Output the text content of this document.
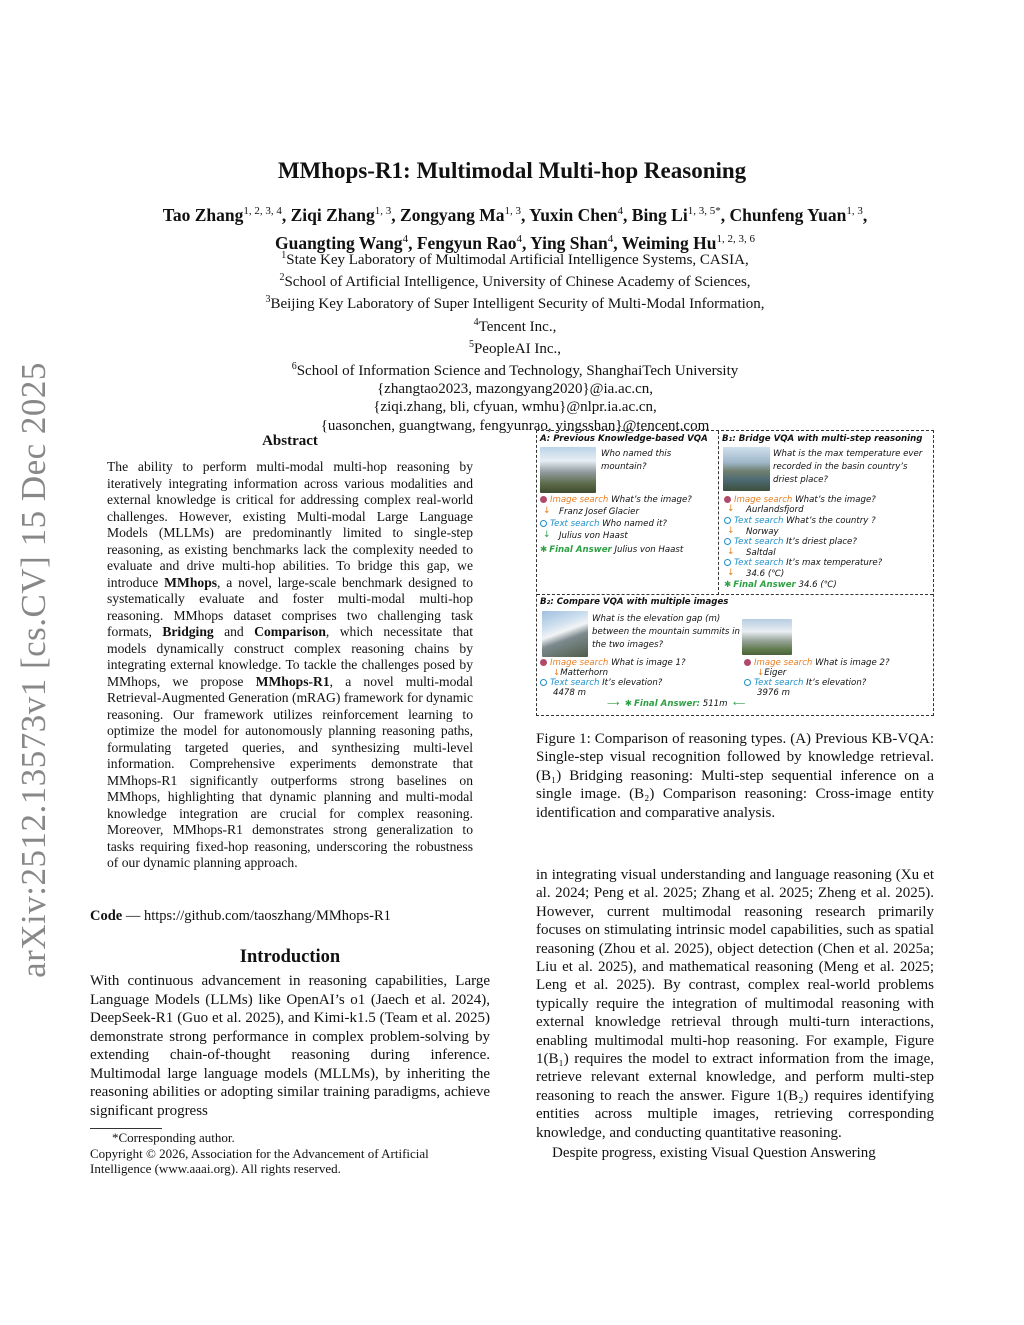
arXiv:2512.13573v1 [cs.CV] 15 Dec 2025
MMhops-R1: Multimodal Multi-hop Reasoning
Tao Zhang$^{1, 2, 3, 4}$, Ziqi Zhang$^{1, 3}$, Zongyang Ma$^{1, 3}$, Yuxin Chen$^4$, Bing $Li^{1, 3, 5*}$, Chunfeng Yuan$^{1, 3}$,
Guangting Wang$^4$, Fengyun Rao$^4$, Ying Shan$^4$, Weiming Hu$^{1, 2, 3, 6}$
$^1$State Key Laboratory of Multimodal Artificial Intelligence Systems, CASIA,
$^2$School of Artificial Intelligence, University of Chinese Academy of Sciences,
$^3$Beijing Key Laboratory of Super Intelligent Security of Multi-Modal Information,
$^4$Tencent Inc.,
$^5$PeopleAI Inc.,
$^6$School of Information Science and Technology, ShanghaiTech University
{zhangtao2023, mazongyang2020}@ia.ac.cn,
{ziqi.zhang, bli, cfyuan, wmhu}@nlpr.ia.ac.cn,
{uasonchen, guangtwang, fengyunrao, yingsshan}@tencent.com
Abstract
The ability to perform multi-modal multi-hop reasoning by iteratively integrating information across various modalities and external knowledge is critical for addressing complex real-world challenges. However, existing Multi-modal Large Language Models (MLLMs) are predominantly limited to single-step reasoning, as existing benchmarks lack the complexity needed to evaluate and drive multi-hop abilities. To bridge this gap, we introduce MMhops, a novel, large-scale benchmark designed to systematically evaluate and foster multi-modal multi-hop reasoning. MMhops dataset comprises two challenging task formats, Bridging and Comparison, which necessitate that models dynamically construct complex reasoning chains by integrating external knowledge. To tackle the challenges posed by MMhops, we propose MMhops-R1, a novel multi-modal Retrieval-Augmented Generation (mRAG) framework for dynamic reasoning. Our framework utilizes reinforcement learning to optimize the model for autonomously planning reasoning paths, formulating targeted queries, and synthesizing multi-level information. Comprehensive experiments demonstrate that MMhops-R1 significantly outperforms strong baselines on MMhops, highlighting that dynamic planning and multi-modal knowledge integration are crucial for complex reasoning. Moreover, MMhops-R1 demonstrates strong generalization to tasks requiring fixed-hop reasoning, underscoring the robustness of our dynamic planning approach.
Code — https://github.com/taoszhang/MMhops-R1
Introduction
With continuous advancement in reasoning capabilities, Large Language Models (LLMs) like OpenAI’s o1 (Jaech et al. 2024), DeepSeek-R1 (Guo et al. 2025), and Kimi-k1.5 (Team et al. 2025) demonstrate strong performance in complex problem-solving by extending chain-of-thought reasoning during inference. Multimodal large language models (MLLMs), by inheriting the reasoning abilities or adopting similar training paradigms, achieve significant progress
*Corresponding author.
Copyright © 2026, Association for the Advancement of Artificial Intelligence (www.aaai.org). All rights reserved.
A: Previous Knowledge-based VQA
Who named this mountain?
Image search What’s the image?
↓ Franz Josef Glacier
Text search Who named it?
↓ Julius von Haast
✱ Final Answer Julius von Haast
B₁: Bridge VQA with multi-step reasoning
What is the max temperature ever recorded in the basin country’s driest place?
Image search What’s the image?
↓ Aurlandsfjord
Text search What’s the country ?
↓ Norway
Text search It’s driest place?
↓ Saltdal
Text search It’s max temperature?
↓ 34.6 (℃)
✱ Final Answer 34.6 (℃)
B₂: Compare VQA with multiple images
What is the elevation gap (m) between the mountain summits in the two images?
Image search What is image 1?
↓Matterhorn
Text search It’s elevation?
4478 m
Image search What is image 2?
↓Eiger
Text search It’s elevation?
3976 m
⟶ ✱ Final Answer: 511m ⟵
Figure 1: Comparison of reasoning types. (A) Previous KB-VQA: Single-step visual recognition followed by knowledge retrieval. (B₁) Bridging reasoning: Multi-step sequential inference on a single image. (B₂) Comparison reasoning: Cross-image entity identification and comparative analysis.

in integrating visual understanding and language reasoning (Xu et al. 2024; Peng et al. 2025; Zhang et al. 2025; Zheng et al. 2025). However, current multimodal reasoning research primarily focuses on stimulating intrinsic model capabilities, such as spatial reasoning (Zhou et al. 2025), object detection (Chen et al. 2025a; Liu et al. 2025), and mathematical reasoning (Meng et al. 2025; Leng et al. 2025). By contrast, complex real-world problems typically require the integration of multimodal reasoning with external knowledge retrieval through multi-turn interactions, enabling multimodal multi-hop reasoning. For example, Figure 1(B₁) requires the model to extract information from the image, retrieve relevant external knowledge, and perform multi-step reasoning to reach the answer. Figure 1(B₂) requires identifying entities across multiple images, retrieving corresponding knowledge, and conducting quantitative reasoning.

Despite progress, existing Visual Question Answering
